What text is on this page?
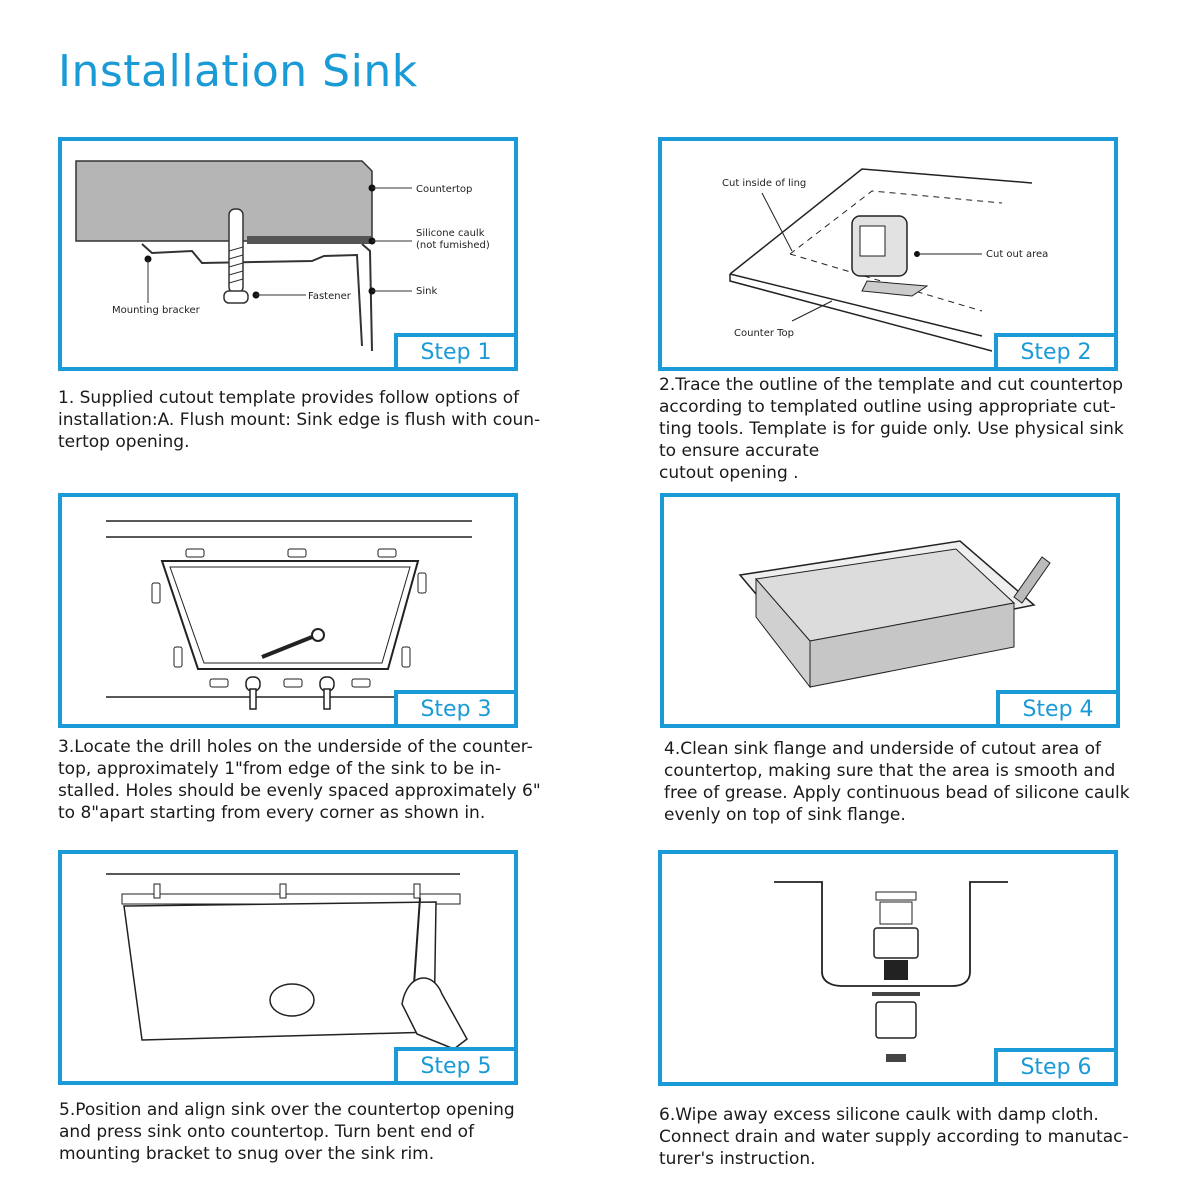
Installation Sink
Countertop
Silicone caulk
(not fumished)
Sink
Fastener
Mounting bracker
Step 1

1. Supplied cutout template provides follow options of
installation:A. Flush mount: Sink edge is flush with coun-
tertop opening.

Cut inside of ling
Cut out area
Counter Top
Step 2

2.Trace the outline of the template and cut countertop
according to templated outline using appropriate cut-
ting tools. Template is for guide only. Use physical sink
to ensure accurate
cutout opening .

Step 3

3.Locate the drill holes on the underside of the counter-
top, approximately 1"from edge of the sink to be in-
stalled. Holes should be evenly spaced approximately 6"
to 8"apart starting from every corner as shown in.

Step 4

4.Clean sink flange and underside of cutout area of
countertop, making sure that the area is smooth and
free of grease. Apply continuous bead of silicone caulk
evenly on top of sink flange.

Step 5

5.Position and align sink over the countertop opening
and press sink onto countertop. Turn bent end of
mounting bracket to snug over the sink rim.

Step 6

6.Wipe away excess silicone caulk with damp cloth.
Connect drain and water supply according to manutac-
turer's instruction.
